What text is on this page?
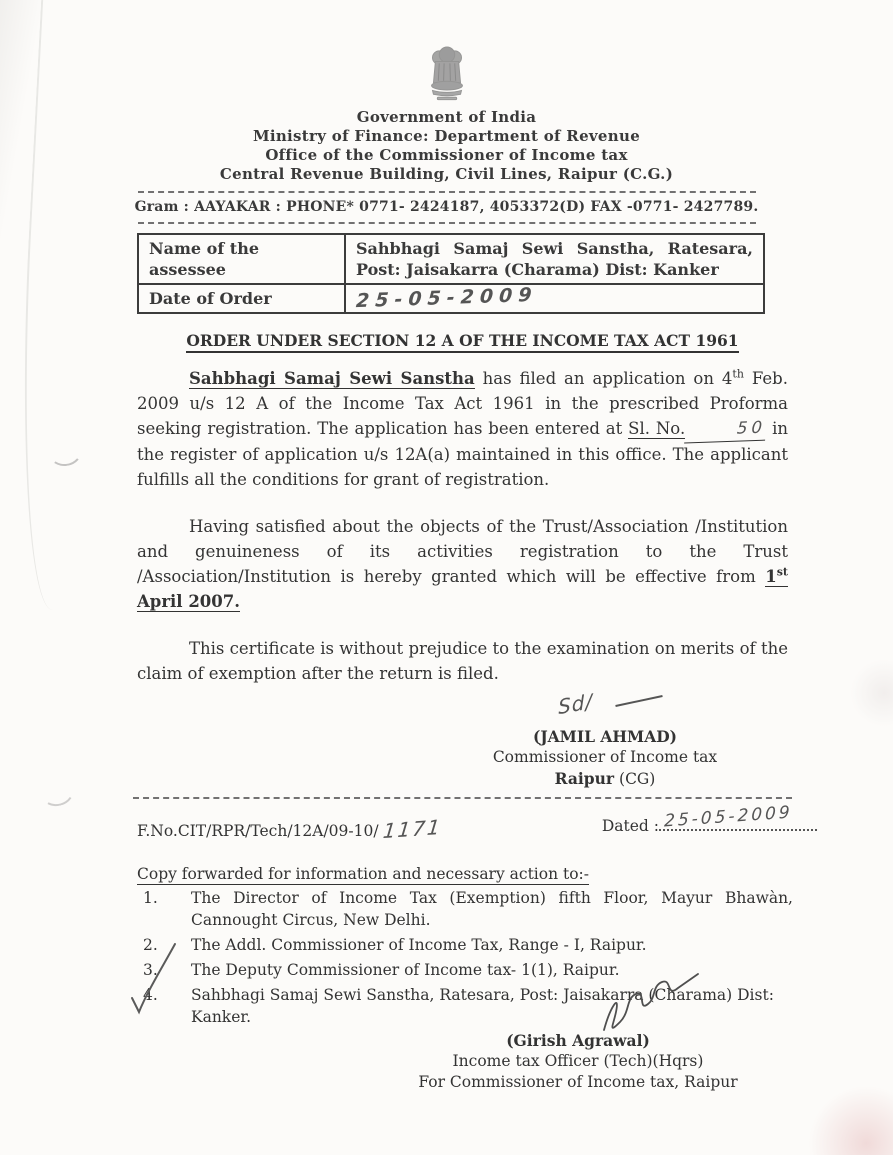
Government of India
Ministry of Finance: Department of Revenue
Office of the Commissioner of Income tax
Central Revenue Building, Civil Lines, Raipur (C.G.)
Gram : AAYAKAR : PHONE* 0771- 2424187, 4053372(D) FAX -0771- 2427789.
Name of the assessee	Sahbhagi Samaj Sewi Sanstha, Ratesara, Post: Jaisakarra (Charama) Dist: Kanker
Date of Order	25-05-2009
ORDER UNDER SECTION 12 A OF THE INCOME TAX ACT 1961

Sahbhagi Samaj Sewi Sanstha has filed an application on 4th Feb. 2009 u/s 12 A of the Income Tax Act 1961 in the prescribed Proforma seeking registration. The application has been entered at Sl. No.	50 in the register of application u/s 12A(a) maintained in this office. The applicant fulfills all the conditions for grant of registration.

Having satisfied about the objects of the Trust/Association /Institution and genuineness of its activities registration to the Trust /Association/Institution is hereby granted which will be effective from 1st April 2007.

This certificate is without prejudice to the examination on merits of the claim of exemption after the return is filed.

Sd/
(JAMIL AHMAD)
Commissioner of Income tax
Raipur (CG)
F.No.CIT/RPR/Tech/12A/09-10/ 1171	Dated : 25-05-2009
Copy forwarded for information and necessary action to:-
1.	The Director of Income Tax (Exemption) fifth Floor, Mayur Bhawàn, Cannought Circus, New Delhi.
2.	The Addl. Commissioner of Income Tax, Range - I, Raipur.
3.	The Deputy Commissioner of Income tax- 1(1), Raipur.
4.	Sahbhagi Samaj Sewi Sanstha, Ratesara, Post: Jaisakarra (Charama) Dist: Kanker.
(Girish Agrawal)
Income tax Officer (Tech)(Hqrs)
For Commissioner of Income tax, Raipur
